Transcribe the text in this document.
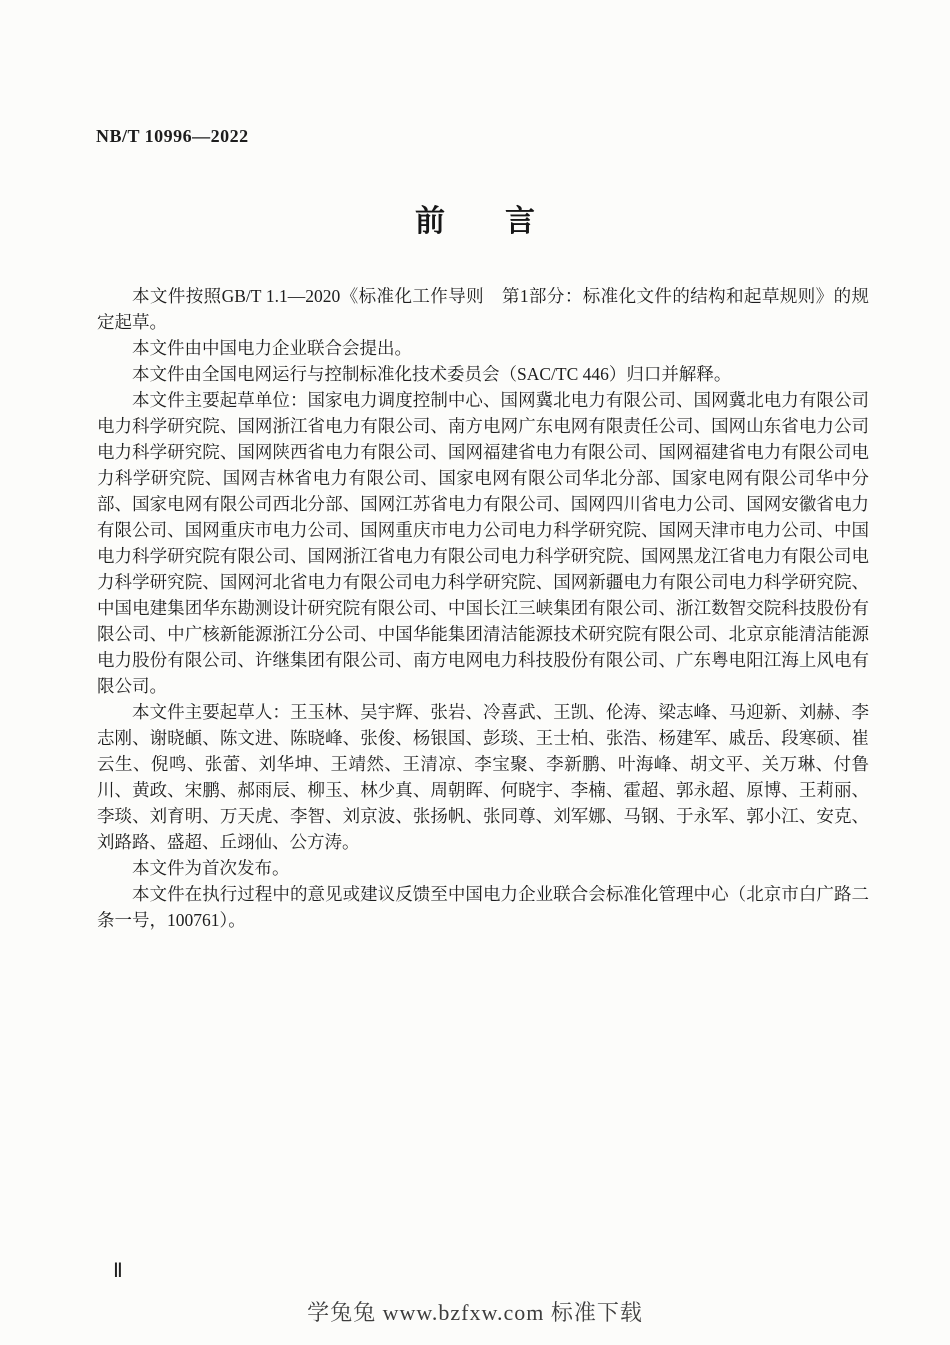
NB/T 10996—2022
前　　言

本文件按照GB/T 1.1—2020《标准化工作导则　第1部分：标准化文件的结构和起草规则》的规定起草。

本文件由中国电力企业联合会提出。

本文件由全国电网运行与控制标准化技术委员会（SAC/TC 446）归口并解释。

本文件主要起草单位：国家电力调度控制中心、国网冀北电力有限公司、国网冀北电力有限公司电力科学研究院、国网浙江省电力有限公司、南方电网广东电网有限责任公司、国网山东省电力公司电力科学研究院、国网陕西省电力有限公司、国网福建省电力有限公司、国网福建省电力有限公司电力科学研究院、国网吉林省电力有限公司、国家电网有限公司华北分部、国家电网有限公司华中分部、国家电网有限公司西北分部、国网江苏省电力有限公司、国网四川省电力公司、国网安徽省电力有限公司、国网重庆市电力公司、国网重庆市电力公司电力科学研究院、国网天津市电力公司、中国电力科学研究院有限公司、国网浙江省电力有限公司电力科学研究院、国网黑龙江省电力有限公司电力科学研究院、国网河北省电力有限公司电力科学研究院、国网新疆电力有限公司电力科学研究院、中国电建集团华东勘测设计研究院有限公司、中国长江三峡集团有限公司、浙江数智交院科技股份有限公司、中广核新能源浙江分公司、中国华能集团清洁能源技术研究院有限公司、北京京能清洁能源电力股份有限公司、许继集团有限公司、南方电网电力科技股份有限公司、广东粤电阳江海上风电有限公司。

本文件主要起草人：王玉林、吴宇辉、张岩、冷喜武、王凯、伦涛、梁志峰、马迎新、刘赫、李志刚、谢晓頔、陈文进、陈晓峰、张俊、杨银国、彭琰、王士柏、张浩、杨建军、戚岳、段寒硕、崔云生、倪鸣、张蕾、刘华坤、王靖然、王清凉、李宝聚、李新鹏、叶海峰、胡文平、关万琳、付鲁川、黄政、宋鹏、郝雨辰、柳玉、林少真、周朝晖、何晓宇、李楠、霍超、郭永超、原博、王莉丽、李琰、刘育明、万天虎、李智、刘京波、张扬帆、张同尊、刘军娜、马钢、于永军、郭小江、安克、刘路路、盛超、丘翊仙、公方涛。

本文件为首次发布。

本文件在执行过程中的意见或建议反馈至中国电力企业联合会标准化管理中心（北京市白广路二条一号，100761）。

Ⅱ
学兔兔 www.bzfxw.com 标准下载
